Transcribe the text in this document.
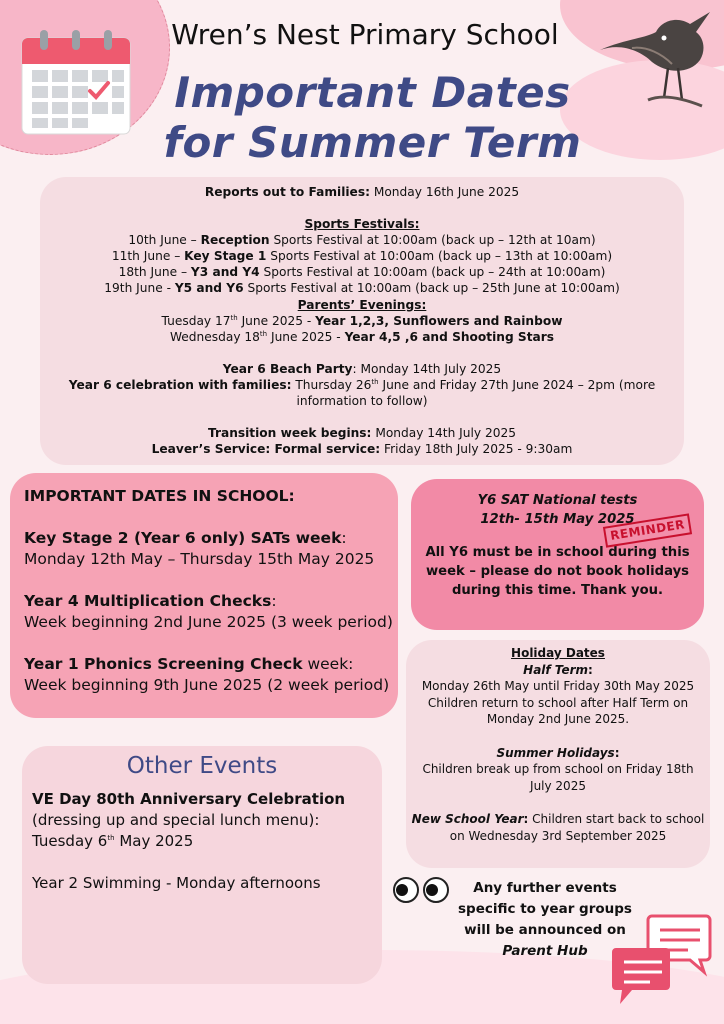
Wren’s Nest Primary School
Important Dates
for Summer Term

Reports out to Families: Monday 16th June 2025

Sports Festivals:

10th June – Reception Sports Festival at 10:00am (back up – 12th at 10am)

11th June – Key Stage 1 Sports Festival at 10:00am (back up – 13th at 10:00am)

18th June – Y3 and Y4 Sports Festival at 10:00am (back up – 24th at 10:00am)

19th June - Y5 and Y6 Sports Festival at 10:00am (back up – 25th June at 10:00am)

Parents’ Evenings:

Tuesday 17th June 2025 - Year 1,2,3, Sunflowers and Rainbow

Wednesday 18th June 2025 - Year 4,5 ,6 and Shooting Stars

Year 6 Beach Party: Monday 14th July 2025

Year 6 celebration with families: Thursday 26th June and Friday 27th June 2024 – 2pm (more

information to follow)

Transition week begins: Monday 14th July 2025

Leaver’s Service: Formal service: Friday 18th July 2025 - 9:30am

IMPORTANT DATES IN SCHOOL:

Key Stage 2 (Year 6 only) SATs week:
Monday 12th May – Thursday 15th May 2025

Year 4 Multiplication Checks:
Week beginning 2nd June 2025 (3 week period)

Year 1 Phonics Screening Check week:
Week beginning 9th June 2025 (2 week period)

Y6 SAT National tests
12th- 15th May 2025
REMINDER
All Y6 must be in school during this
week – please do not book holidays
during this time. Thank you.
Holiday Dates
Half Term:
Monday 26th May until Friday 30th May 2025
Children return to school after Half Term on
Monday 2nd June 2025.
Summer Holidays:
Children break up from school on Friday 18th
July 2025
New School Year: Children start back to school
on Wednesday 3rd September 2025
Other Events
VE Day 80th Anniversary Celebration
(dressing up and special lunch menu):
Tuesday 6th May 2025
Year 2 Swimming - Monday afternoons	Any further events
specific to year groups
will be announced on
Parent Hub
